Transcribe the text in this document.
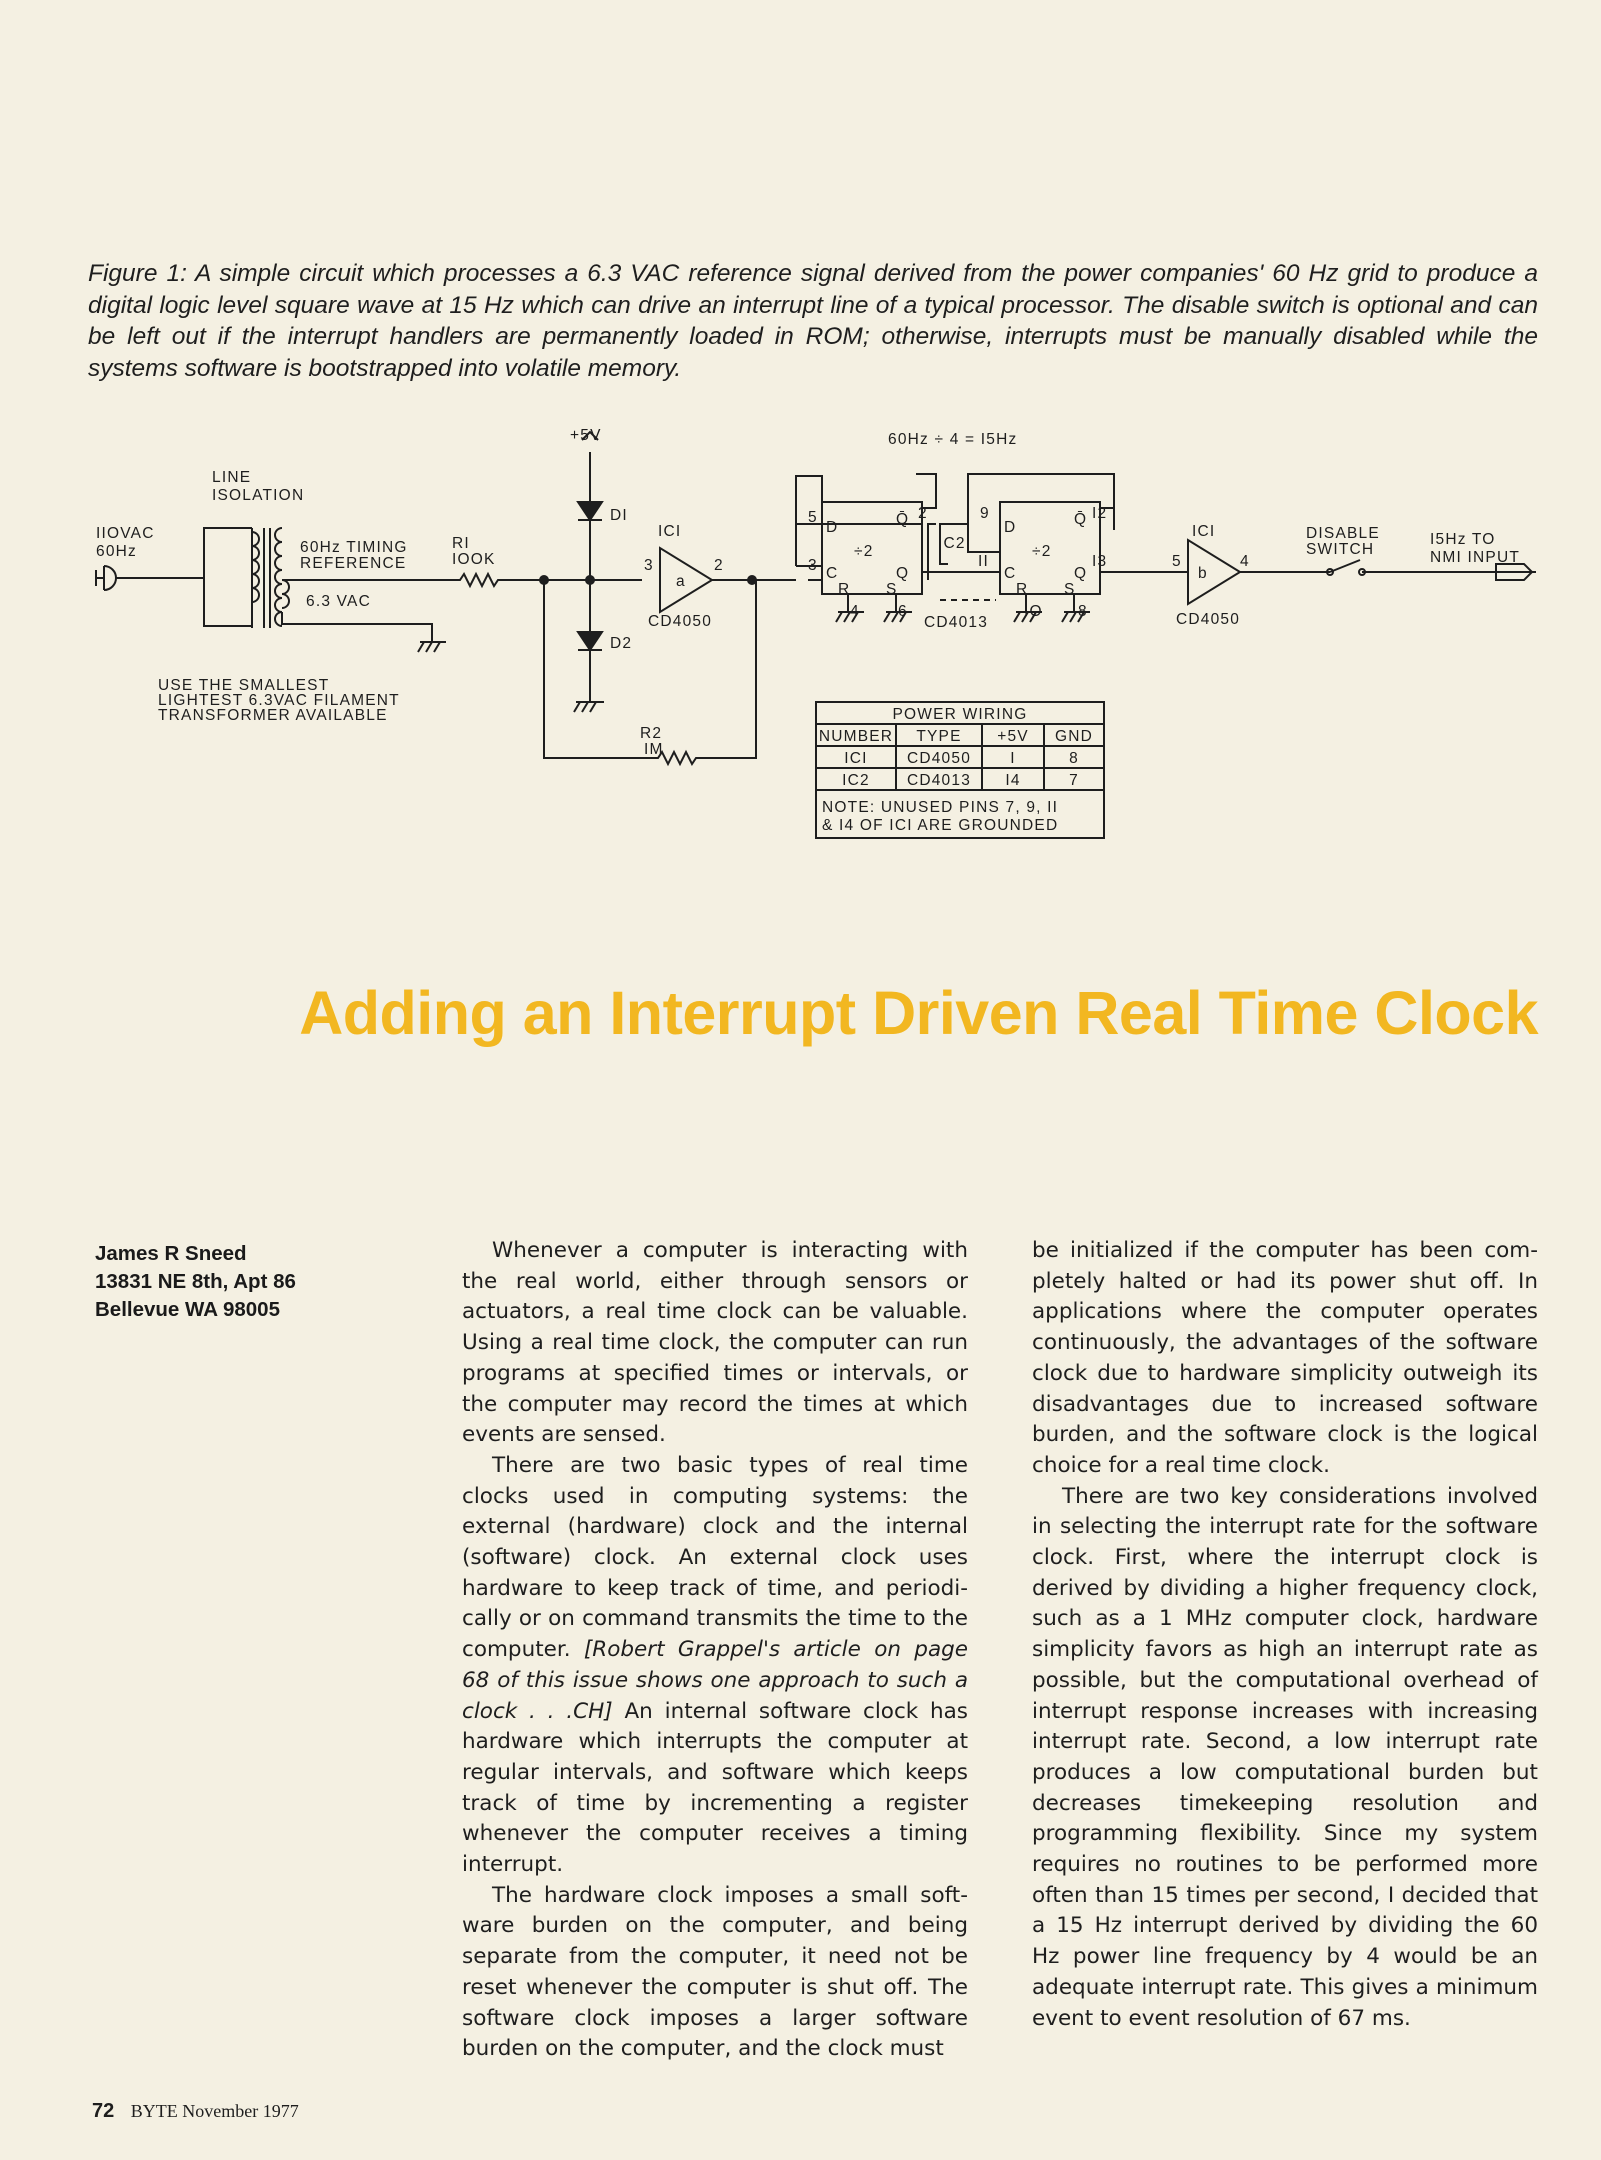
Figure 1: A simple circuit which processes a 6.3 VAC reference signal derived from the power companies' 60 Hz grid to produce a digital logic level square wave at 15 Hz which can drive an interrupt line of a typical processor. The disable switch is optional and can be left out if the interrupt handlers are permanently loaded in ROM; otherwise, interrupts must be manually disabled while the systems software is bootstrapped into volatile memory.

LINE
ISOLATION
IIOVAC
60Hz	60Hz TIMING
REFERENCE
RI
IOOK
6.3 VAC
+5V
DI
D2
ICI
a
3	2
CD4050
60Hz ÷ 4 = I5Hz
IC2
CD4013
D	Q̄
Q
C
R S
÷2
D	Q̄
Q
C
R S
÷2
5
3
2
I
4 6
9
II
I2
I3
IO 8
ICI
b
5	4
CD4050
DISABLE
SWITCH
I5Hz TO
NMI INPUT
R2
IM
USE THE SMALLEST
LIGHTEST 6.3VAC FILAMENT
TRANSFORMER AVAILABLE	POWER WIRING
NUMBER TYPE +5V GND
ICI	CD4050	I	8
IC2 CD4013 I4	7
NOTE: UNUSED PINS 7, 9, II
& I4 OF ICI ARE GROUNDED
Adding an Interrupt Driven Real Time Clock
James R Sneed
13831 NE 8th, Apt 86
Bellevue WA 98005

Whenever a computer is interacting with the real world, either through sensors or actuators, a real time clock can be valuable. Using a real time clock, the computer can run programs at specified times or intervals, or the computer may record the times at which events are sensed.

There are two basic types of real time clocks used in computing systems: the external (hardware) clock and the internal (software) clock. An external clock uses hardware to keep track of time, and periodically or on command transmits the time to the computer. [Robert Grappel's article on page 68 of this issue shows one approach to such a clock . . .CH] An internal software clock has hardware which interrupts the computer at regular intervals, and software which keeps track of time by incrementing a register whenever the computer receives a timing interrupt.

The hardware clock imposes a small software burden on the computer, and being separate from the computer, it need not be reset whenever the computer is shut off. The software clock imposes a larger software burden on the computer, and the clock must

be initialized if the computer has been completely halted or had its power shut off. In applications where the computer operates continuously, the advantages of the software clock due to hardware simplicity outweigh its disadvantages due to increased software burden, and the software clock is the logical choice for a real time clock.

There are two key considerations involved in selecting the interrupt rate for the software clock. First, where the interrupt clock is derived by dividing a higher frequency clock, such as a 1 MHz computer clock, hardware simplicity favors as high an interrupt rate as possible, but the computational overhead of interrupt response increases with increasing interrupt rate. Second, a low interrupt rate produces a low computational burden but decreases timekeeping resolution and programming flexibility. Since my system requires no routines to be performed more often than 15 times per second, I decided that a 15 Hz interrupt derived by dividing the 60 Hz power line frequency by 4 would be an adequate interrupt rate. This gives a minimum event to event resolution of 67 ms.

72 BYTE November 1977
